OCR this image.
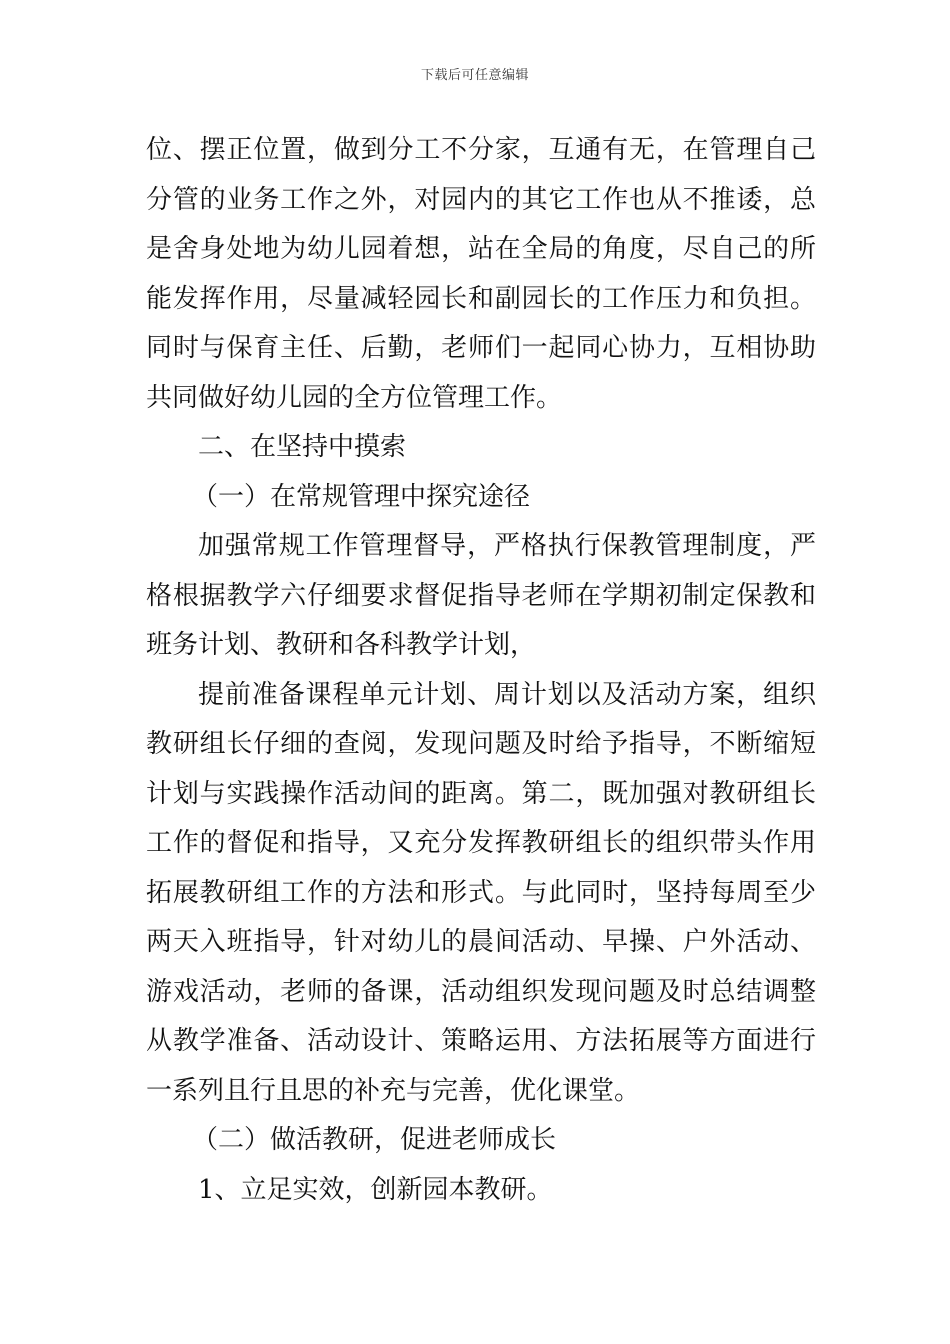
下载后可任意编辑
位、摆正位置，做到分工不分家，互通有无，在管理自己
分管的业务工作之外，对园内的其它工作也从不推诿，总
是舍身处地为幼儿园着想，站在全局的角度，尽自己的所
能发挥作用，尽量减轻园长和副园长的工作压力和负担。
同时与保育主任、后勤，老师们一起同心协力，互相协助
共同做好幼儿园的全方位管理工作。
二、在坚持中摸索
（一）在常规管理中探究途径
加强常规工作管理督导，严格执行保教管理制度，严
格根据教学六仔细要求督促指导老师在学期初制定保教和
班务计划、教研和各科教学计划，
提前准备课程单元计划、周计划以及活动方案，组织
教研组长仔细的查阅，发现问题及时给予指导，不断缩短
计划与实践操作活动间的距离。第二，既加强对教研组长
工作的督促和指导，又充分发挥教研组长的组织带头作用
拓展教研组工作的方法和形式。与此同时，坚持每周至少
两天入班指导，针对幼儿的晨间活动、早操、户外活动、
游戏活动，老师的备课，活动组织发现问题及时总结调整
从教学准备、活动设计、策略运用、方法拓展等方面进行
一系列且行且思的补充与完善，优化课堂。
（二）做活教研，促进老师成长
1、立足实效，创新园本教研。
